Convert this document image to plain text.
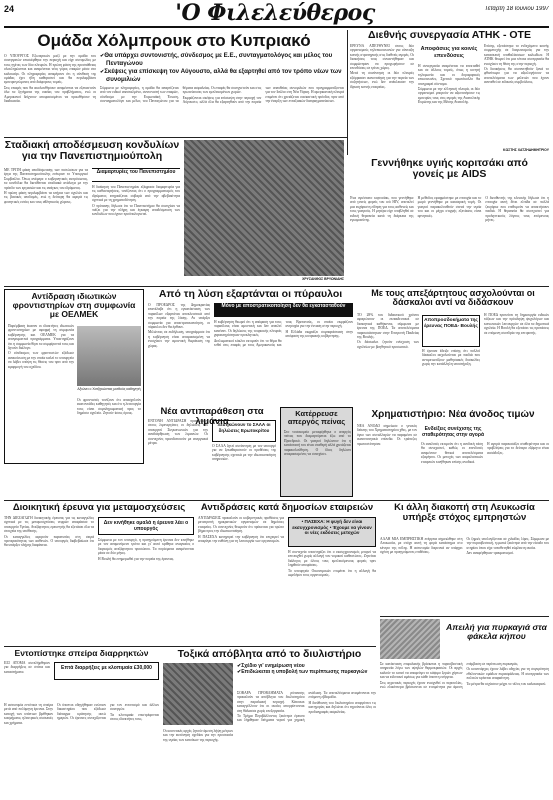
24	'Ο Φιλελεύθερος	Τετάρτη 18 Ιουνίου 1997
Ομάδα Χόλμπρουκ στο Κυπριακό

Ο ΥΠΟΥΡΓΟΣ Εξωτερικών μαζί με την ομάδα του συνεργατών επισκέφθηκε την περιοχή και είχε συνομιλίες με τους ηγέτες των δύο πλευρών. Η πρώτη φάση της προσπάθειας ολοκληρώνεται και αναμένεται νέος γύρος επαφών μέσα στο καλοκαίρι. Οι πληροφορίες αναφέρουν ότι η σύνθεση της ομάδας έχει ήδη καθοριστεί και θα περιλαμβάνει εμπειρογνώμονες από διάφορους τομείς.

Στις επαφές που θα ακολουθήσουν αναμένεται να εξεταστούν όλα τα ζητήματα της ουσίας του προβλήματος, ενώ οι Αμερικανοί δείχνουν αποφασισμένοι να προωθήσουν τη διαδικασία.

✔ Θα υπάρχει συντονιστής, σύνδεσμος με Ε.Ε., συνταγματολόγος και μέλος του Πενταγώνου
✔ Σκέψεις για επίσκεψη τον Αύγουστο, αλλά θα εξαρτηθεί από τον τρόπο νέων των συνομιλιών

Σύμφωνα με πληροφορίες, η ομάδα θα απαρτίζεται από τον ειδικό απεσταλμένο, συντονιστή των επαφών, σύνδεσμο με την Ευρωπαϊκή Ένωση, συνταγματολόγο και μέλος του Πενταγώνου για τα θέματα ασφαλείας. Οι επαφές θα συνεχιστούν και στις πρωτεύουσες των εμπλεκομένων χωρών.

Εκφράζονται σκέψεις για επίσκεψη στην περιοχή τον Αύγουστο, αλλά όλα θα εξαρτηθούν από την πορεία των απευθείας συνομιλιών που προγραμματίζονται για τον Ιούλιο στη Νέα Υόρκη. Η αμερικανική πλευρά επιμένει ότι χρειάζεται ουσιαστική πρόοδος πριν από την έναρξη των ενταξιακών διαπραγματεύσεων.

Διεθνής συνεργασία ΑΤΗΚ - ΟΤΕ

ΕΡΕΥΝΑ ΑΠΕΥΘΥΝΕΙ στους δύο οργανισμούς τηλεπικοινωνιών για σύνταξη κοινής στρατηγικής στις διεθνείς αγορές. Οι διοικήσεις τους συναντήθηκαν και συμφώνησαν να προχωρήσουν σε επενδύσεις σε τρίτες χώρες.

Μετά τη συνάντηση οι δύο πλευρές εξέφρασαν ικανοποίηση για την πορεία των συζητήσεων, ενώ δεν απέκλεισαν την ίδρυση κοινής εταιρείας.

Αποφάσεις για κοινές επενδύσεις

Η συνεργασία αναμένεται να επεκταθεί και σε άλλους τομείς, όπως η κινητή τηλεφωνία και οι δορυφορικές επικοινωνίες. Σχετικό πρωτόκολλο θα υπογραφεί σύντομα.

Σύμφωνα με την ελληνική πλευρά, οι δύο οργανισμοί μπορούν να αξιοποιήσουν τις εμπειρίες τους στις αγορές της Ανατολικής Ευρώπης και της Μέσης Ανατολής.

Επίσης, εξετάστηκε το ενδεχόμενο κοινής συμμετοχής σε διαγωνισμούς για την κατασκευή υποθαλάσσιων καλωδίων. Η ΑΤΗΚ θεωρεί ότι μια τέτοια συνεργασία θα ενισχύσει τη θέση της στην περιοχή.

Οι διοικήσεις θα συναντηθούν ξανά το φθινόπωρο για να αξιολογήσουν τα αποτελέσματα των μελετών που έχουν ανατεθεί σε ειδικούς συμβούλους.

ΚΩΣΤΗΣ ΧΑΤΖΗΔΗΜΗΤΡΙΟΥ
Σταδιακή αποδέσμευση κονδυλίων για την Πανεπιστημιούπολη

ΜΕ ΤΡΙΤΗ φάση αποδέσμευσης των πιστώσεων για τα έργα της Πανεπιστημιούπολης ενέκρινε το Υπουργικό Συμβούλιο. Όπως ανέφερε ο κυβερνητικός εκπρόσωπος, τα κονδύλια θα διατίθενται σταδιακά ανάλογα με την πρόοδο των εργασιών και τις ανάγκες του ιδρύματος.

Η πρώτη φάση περιλαμβάνει τα κτήρια των σχολών και τις βασικές υποδομές, ενώ η δεύτερη θα αφορά τις φοιτητικές εστίες και τους αθλητικούς χώρους.

Διαμαρτυρίες του Πανεπιστημίου

Η διοίκηση του Πανεπιστημίου εξέφρασε διαμαρτυρία για τις καθυστερήσεις, τονίζοντας ότι ο προγραμματισμός του ιδρύματος επηρεάζεται σοβαρά από την αβεβαιότητα σχετικά με τη χρηματοδότηση.

Ο πρύτανης δήλωσε ότι το Πανεπιστήμιο θα συνεχίσει να πιέζει για την πλήρη και έγκαιρη αποδέσμευση των κονδυλίων που έχουν προϋπολογιστεί.

ΧΡΥΣΑΝΘΟΣ ΒΡΥΩΝΙΔΗΣ
Γεννήθηκε υγιής κοριτσάκι από γονείς με AIDS

Ένα υγιέστατο κοριτσάκι, που γεννήθηκε από γονείς φορείς του ιού HIV, αποτελεί μια ευχάριστη είδηση για τους ασθενείς και τους γιατρούς. Η μητέρα είχε υποβληθεί σε ειδική θεραπεία κατά τη διάρκεια της εγκυμοσύνης.

Η μέθοδος εφαρμόστηκε με επιτυχία και το μωρό γεννήθηκε με καισαρική τομή. Οι γιατροί παρακολουθούν στενά την υγεία του και οι μέχρι στιγμής εξετάσεις είναι αρνητικές.

Ο διευθυντής της κλινικής δήλωσε ότι η επιτυχία αυτή δίνει ελπίδα σε πολλά ζευγάρια που επιθυμούν να αποκτήσουν παιδιά. Η θεραπεία θα συνεχιστεί για προληπτικούς λόγους τους επόμενους μήνες.

Αντίδραση ιδιωτικών φροντιστηρίων στη συμφωνία με ΟΕΛΜΕΚ

Παρέμβαση έκαναν οι ιδιοκτήτες ιδιωτικών φροντιστηρίων με αφορμή τη συμφωνία κυβέρνησης και ΟΕΛΜΕΚ για τα απογευματινά προγράμματα. Υποστηρίζουν ότι η συμφωνία θίγει τα συμφέροντά τους και ζητούν διάλογο.

Ο σύνδεσμος των φροντιστών εξέδωσε ανακοίνωση με την οποία καλεί το υπουργείο να λάβει υπόψη τις θέσεις του πριν από την εφαρμογή του σχεδίου.

Αξιώνει ο Χατζηκώστας μισθούς καθηγητή

Οι φροντιστές τονίζουν ότι απασχολούν εκατοντάδες καθηγητές και ότι η λειτουργία τους είναι συμπληρωματική προς το δημόσιο σχολείο. Ζητούν ίσους όρους.

Από τη λύση εξαρτάνται οι πύραυλοι

Ο ΠΡΟΕΔΡΟΣ της Δημοκρατίας επανέλαβε ότι η εγκατάσταση των πυραύλων εξαρτάται αποκλειστικά από την πορεία της λύσης. Αν υπάρξει συμφωνία για αποστρατικοποίηση, οι πύραυλοι δεν θα έρθουν.

Μιλώντας σε εκδήλωση, υπογράμμισε ότι η κυβέρνηση είναι αποφασισμένη να ενισχύσει την αμυντική θωράκιση της χώρας.

Μόνο με αποστρατικοποίηση δεν θα εγκατασταθούν

Η κυβέρνηση θεωρεί ότι η απόφαση για τους πυραύλους είναι αμυντική και δεν απειλεί κανέναν. Οι δηλώσεις της τουρκικής πλευράς χαρακτηρίστηκαν προκλητικές.

Διπλωματικοί κύκλοι εκτιμούν ότι το θέμα θα τεθεί στις επαφές με τους Αμερικανούς και τους Βρετανούς, οι οποίοι εκφράζουν ανησυχία για την ένταση στην περιοχή.

Η Ελλάδα εκφράζει συμπαράσταση στην απόφαση της κυπριακής κυβέρνησης.

Με τους απεξάρτητους ασχολούνται οι δάσκαλοι αντί να διδάσκουν

ΤΟ 28% του διδακτικού χρόνου αφιερώνουν οι εκπαιδευτικοί σε διοικητικά καθήκοντα, σύμφωνα με έρευνα της ΠΟΕΔ. Τα αποτελέσματα παρουσιάστηκαν στην Επιτροπή Παιδείας της Βουλής.

Οι δάσκαλοι ζητούν ενίσχυση των σχολείων με βοηθητικό προσωπικό.

Αποπροσδοκήματα της έρευνας ΠΟΕΔ- Βουλής

Η έρευνα έδειξε επίσης ότι πολλοί δάσκαλοι ασχολούνται με παιδιά που αντιμετωπίζουν μαθησιακές δυσκολίες χωρίς την κατάλληλη υποστήριξη.

Η ΠΟΕΔ προτείνει τη δημιουργία ειδικών τάξεων και την πρόσληψη ψυχολόγων και κοινωνικών λειτουργών σε όλα τα δημοτικά σχολεία. Η Βουλή θα εξετάσει τις προτάσεις σε επόμενη συνεδρία της επιτροπής.

Νέα αντιπαράθεση στα λιμάνια

ΕΝΤΟΝΗ ΑΝΤΙΔΡΑΣΗ προκάλεσαν στους λιμενεργάτες οι δηλώσεις του υπουργού Συγκοινωνιών για την αναδιάρθρωση των λιμανιών. Οι συντεχνίες προειδοποιούν με απεργιακά μέτρα.

Ξεσηκώνουν το ΣΑΛΑ οι δηλώσεις Ερωτοκρίτου

Ο ΣΑΛΑ ζητεί συνάντηση με τον υπουργό για να ξεκαθαριστούν οι προθέσεις της κυβέρνησης σχετικά με την ιδιωτικοποίηση υπηρεσιών.

Κατέρρευσε απεργός πείνας

Στο νοσοκομείο μεταφέρθηκε ο απεργός πείνας που διαμαρτύρεται έξω από το Προεδρικό. Οι γιατροί δηλώνουν ότι η κατάστασή του είναι σταθερή αλλά χρειάζεται παρακολούθηση. Ο ίδιος δηλώνει αποφασισμένος να συνεχίσει.

Χρηματιστήριο: Νέα άνοδος τιμών

ΝΕΑ ΑΝΟΔΟ σημείωσε ο γενικός δείκτης του Χρηματιστηρίου χθες, με τον όγκο των συναλλαγών να παραμένει σε ικανοποιητικά επίπεδα. Οι τράπεζες πρωτοστάτησαν.

Ενδείξεις συνέχισης της σταθερότητας στην αγορά

Οι αναλυτές εκτιμούν ότι η ανοδική τάση θα συνεχιστεί, καθώς οι επενδυτές αναμένουν θετικά αποτελέσματα εξαμήνου. Οι μετοχές των ασφαλιστικών εταιρειών κινήθηκαν επίσης ανοδικά.

Η αγορά παρουσιάζει σταθερότητα και οι προβλέψεις για το δεύτερο εξάμηνο είναι αισιόδοξες.

Διοικητική έρευνα για μεταμοσχεύσεις

ΤΗΝ ΔΙΕΞΑΓΩΓΗ διοικητικής έρευνας για τις καταγγελίες σχετικά με τις μεταμοσχεύσεις νεφρών αποφάσισε το υπουργείο Υγείας. Ανεξάρτητος ερευνητής θα εξετάσει όλα τα στοιχεία της υπόθεσης.

Οι καταγγελίες αφορούν παρατυπίες στη σειρά προτεραιότητας των ασθενών. Ο υπουργός διαβεβαίωσε ότι θα υπάρξει πλήρης διαφάνεια.

Δεν κινήθηκε ομαλά η έρευνα λέει ο υπουργός

Σύμφωνα με τον υπουργό, η προηγούμενη έρευνα δεν κινήθηκε με τον αναμενόμενο τρόπο και γι' αυτό κρίθηκε αναγκαίος ο διορισμός ανεξάρτητου προσώπου. Τα πορίσματα αναμένονται μέσα σε δύο μήνες.

Η Βουλή θα ενημερωθεί για την πορεία της έρευνας.

Αντιδράσεις κατά δημοσίων εταιρειών

ΑΝΤΙΔΡΑΣΕΙΣ προκαλούν οι κυβερνητικές προθέσεις για μετατροπή ημικρατικών οργανισμών σε δημόσιες εταιρείες. Οι συντεχνίες θεωρούν ότι πρόκειται για πρώτο βήμα προς την ιδιωτικοποίηση.

Η ΠΑΣΕΧΑ κατηγορεί την κυβέρνηση ότι επιχειρεί να αποφύγει την ευθύνη για τη λειτουργία των οργανισμών.

• ΠΑΣΕΧΑ: Η φυγή δεν είναι εκσυγχρονισμός • Έχουμε να γίνουν οι νέες εκδόσεις μετοχών

Η συντεχνία υποστηρίζει ότι ο εκσυγχρονισμός μπορεί να επιτευχθεί χωρίς αλλαγή του νομικού καθεστώτος. Ζητείται διάλογος με όλους τους εμπλεκόμενους φορείς πριν ληφθούν αποφάσεις.

Το υπουργείο Οικονομικών επιμένει ότι η αλλαγή θα ωφελήσει τους οργανισμούς.

Κι άλλη διακοπή στη Λευκωσία υπήρξε στόχος εμπρηστών

ΑΛΛΗ ΜΙΑ ΕΜΠΡΗΣΤΙΚΗ ενέργεια σημειώθηκε στη Λευκωσία, με στόχο αυτή τη φορά κατάστημα στο κέντρο της πόλης. Η αστυνομία διερευνά αν υπάρχει σχέση με προηγούμενες επιθέσεις.

Οι ζημιές υπολογίζονται σε χιλιάδες λίρες. Σύμφωνα με την πυροσβεστική, η φωτιά ξεκίνησε από την είσοδο του κτηρίου όπου είχε τοποθετηθεί εύφλεκτη ουσία.

Δεν αναφέρθηκαν τραυματισμοί.

Απειλή για πυρκαγιά στα φάκελα κήπου
Εντοπίστηκε σπείρα διαρρηκτών

ΕΞΙ ΑΤΟΜΑ συνελήφθησαν για διαρρήξεις σε σπίτια και καταστήματα.

Επτά διαρρήξεις με κλοπιμαία £30,000

Η αστυνομία εντόπισε τη σπείρα μετά από πολύμηνη έρευνα. Στην κατοχή των υπόπτων βρέθηκαν κοσμήματα, ηλεκτρικές συσκευές και χρήματα.

Οι ύποπτοι οδηγήθηκαν ενώπιον δικαστηρίου που εξέδωσε διάταγμα κράτησης οκτώ ημερών. Οι έρευνες συνεχίζονται για τον εντοπισμό και άλλων συνεργών.

Τα κλοπιμαία επιστρέφονται στους ιδιοκτήτες τους.

Τοξικά απόβλητα από το διυλιστήριο
✔ Σχέδιο γι' ενημέρωση νέου
✔ Επιδιώκεται η υποβολή των περίπτωσης πυρκαγιών

ΣΟΒΑΡΑ ΠΡΟΒΛΗΜΑΤΑ ρύπανσης προκαλούν τα απόβλητα του διυλιστηρίου στην παραλιακή περιοχή. Κάτοικοι καταγγέλλουν ότι οι ουσίες απορρίπτονται στη θάλασσα χωρίς επεξεργασία.

Το Τμήμα Περιβάλλοντος ξεκίνησε έρευνα και λήφθηκαν δείγματα νερού για χημική ανάλυση. Τα αποτελέσματα αναμένονται την επόμενη εβδομάδα.

Η διεύθυνση του διυλιστηρίου απορρίπτει τις κατηγορίες και δηλώνει ότι τηρούνται όλες οι προδιαγραφές ασφαλείας.

Οι κοινοτικές αρχές ζητούν άμεση λήψη μέτρων και την εκπόνηση σχεδίου για την προστασία της υγείας των κατοίκων της περιοχής.

Σε κατάσταση επιφυλακής βρίσκεται η πυροσβεστική υπηρεσία λόγω των υψηλών θερμοκρασιών. Οι αρχές καλούν το κοινό να αποφεύγει το κάψιμο ξερών χόρτων και να ειδοποιεί αμέσως για κάθε ύποπτη ενέργεια.

Στις αγροτικές περιοχές έχουν ενισχυθεί οι περιπολίες, ενώ ελικόπτερα βρίσκονται σε ετοιμότητα για άμεση επέμβαση σε περίπτωση πυρκαγιάς.

Οι κοινοτάρχες έχουν λάβει οδηγίες για τη συγκρότηση εθελοντικών ομάδων πυρασφάλειας. Η συνεργασία των πολιτών κρίνεται απαραίτητη.

Τα μέτρα θα ισχύσουν μέχρι το τέλος του καλοκαιριού.
